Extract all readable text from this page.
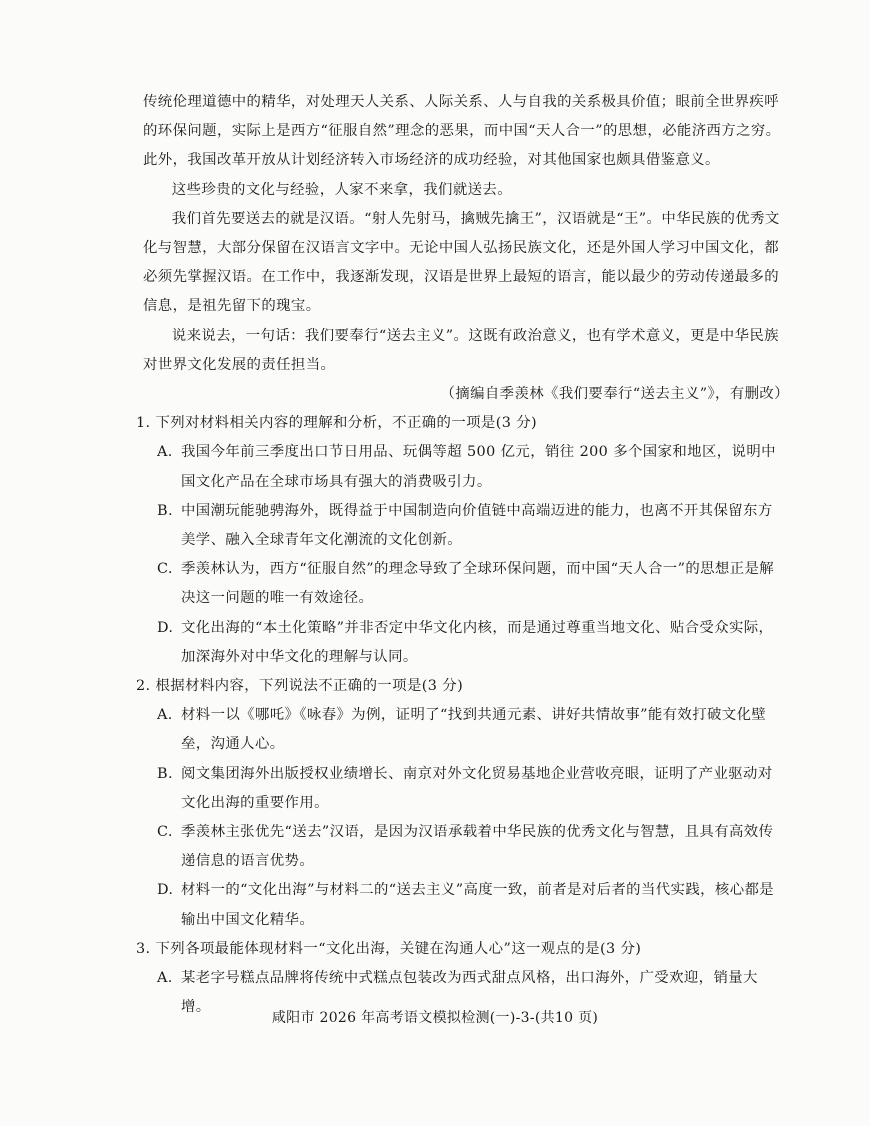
传统伦理道德中的精华，对处理天人关系、人际关系、人与自我的关系极具价值；眼前全世界疾呼的环保问题，实际上是西方“征服自然”理念的恶果，而中国“天人合一”的思想，必能济西方之穷。此外，我国改革开放从计划经济转入市场经济的成功经验，对其他国家也颇具借鉴意义。

这些珍贵的文化与经验，人家不来拿，我们就送去。

我们首先要送去的就是汉语。“射人先射马，擒贼先擒王”，汉语就是“王”。中华民族的优秀文化与智慧，大部分保留在汉语言文字中。无论中国人弘扬民族文化，还是外国人学习中国文化，都必须先掌握汉语。在工作中，我逐渐发现，汉语是世界上最短的语言，能以最少的劳动传递最多的信息，是祖先留下的瑰宝。

说来说去，一句话：我们要奉行“送去主义”。这既有政治意义，也有学术意义，更是中华民族对世界文化发展的责任担当。

（摘编自季羡林《我们要奉行“送去主义”》，有删改）

1. 下列对材料相关内容的理解和分析，不正确的一项是(3 分)

A. 我国今年前三季度出口节日用品、玩偶等超 500 亿元，销往 200 多个国家和地区，说明中国文化产品在全球市场具有强大的消费吸引力。
B. 中国潮玩能驰骋海外，既得益于中国制造向价值链中高端迈进的能力，也离不开其保留东方美学、融入全球青年文化潮流的文化创新。
C. 季羡林认为，西方“征服自然”的理念导致了全球环保问题，而中国“天人合一”的思想正是解决这一问题的唯一有效途径。
D. 文化出海的“本土化策略”并非否定中华文化内核，而是通过尊重当地文化、贴合受众实际，加深海外对中华文化的理解与认同。

2. 根据材料内容，下列说法不正确的一项是(3 分)

A. 材料一以《哪吒》《咏春》为例，证明了“找到共通元素、讲好共情故事”能有效打破文化壁垒，沟通人心。
B. 阅文集团海外出版授权业绩增长、南京对外文化贸易基地企业营收亮眼，证明了产业驱动对文化出海的重要作用。
C. 季羡林主张优先“送去”汉语，是因为汉语承载着中华民族的优秀文化与智慧，且具有高效传递信息的语言优势。
D. 材料一的“文化出海”与材料二的“送去主义”高度一致，前者是对后者的当代实践，核心都是输出中国文化精华。

3. 下列各项最能体现材料一“文化出海，关键在沟通人心”这一观点的是(3 分)

A. 某老字号糕点品牌将传统中式糕点包装改为西式甜点风格，出口海外，广受欢迎，销量大增。
咸阳市 2026 年高考语文模拟检测(一)-3-(共10 页)
